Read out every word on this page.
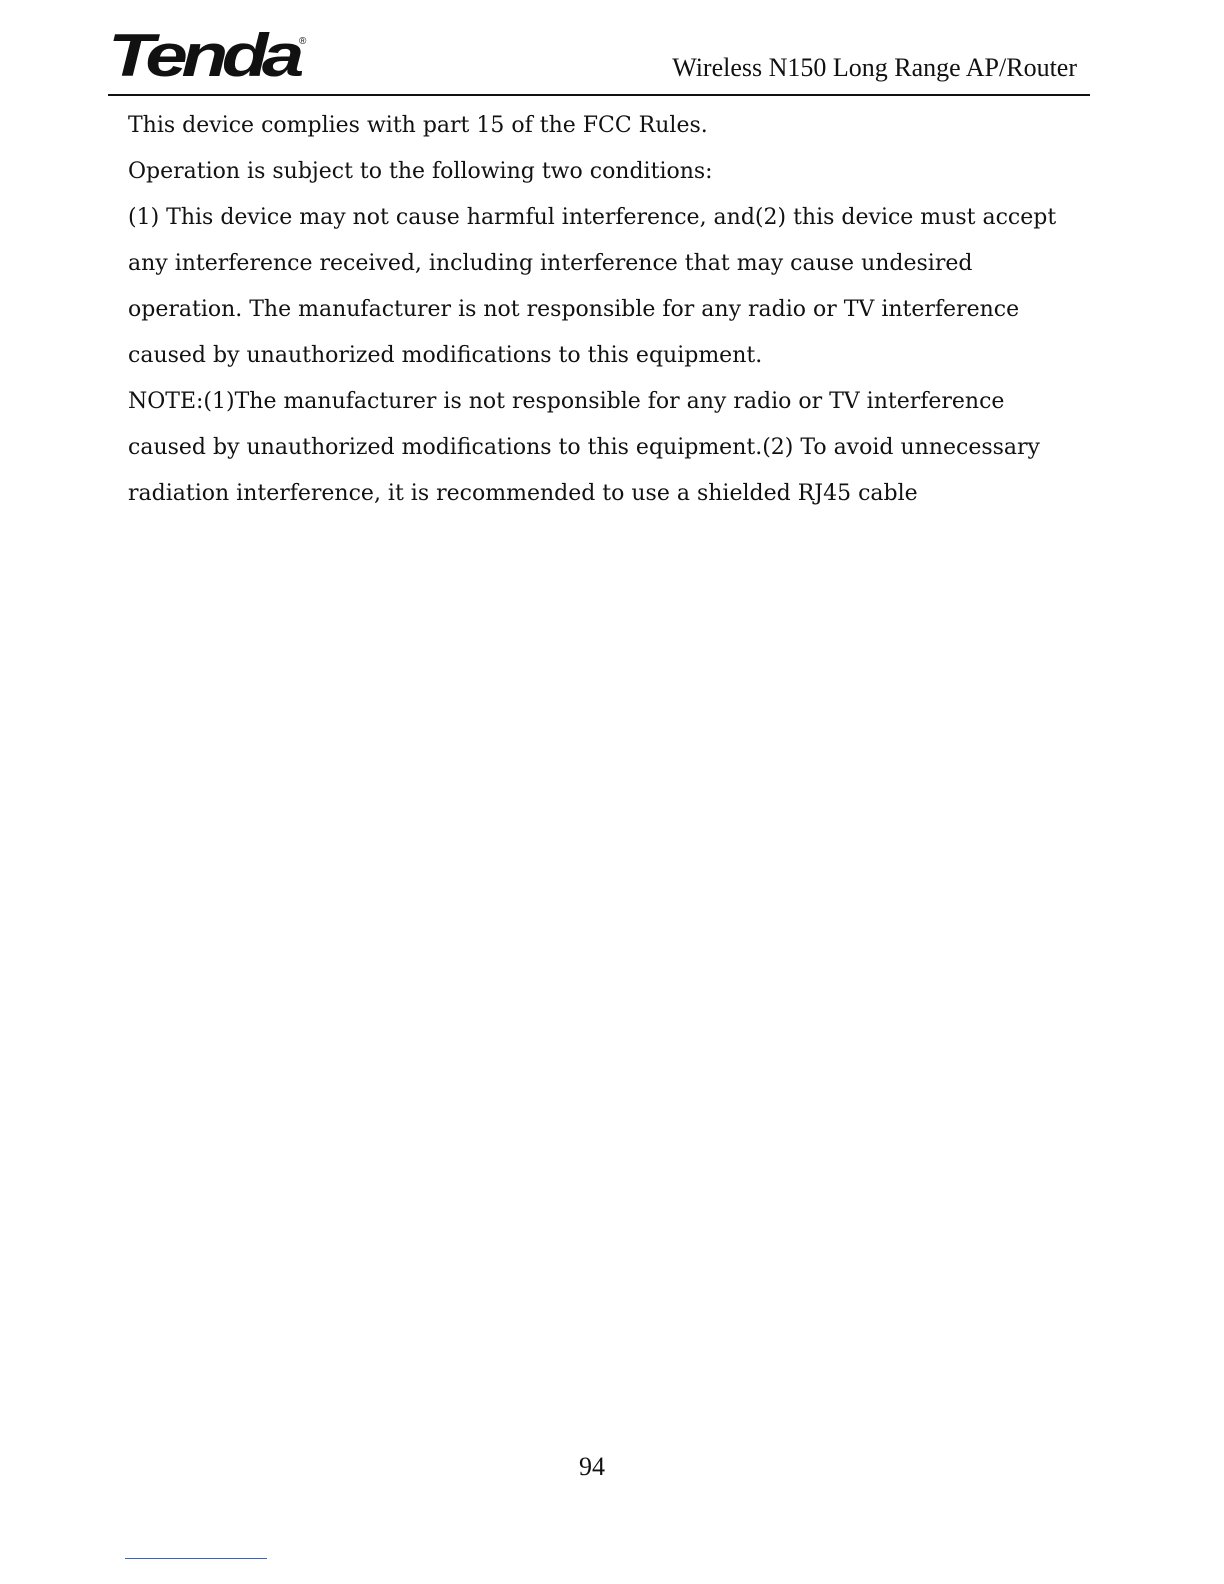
Tenda
®
Wireless N150 Long Range AP/Router
This device complies with part 15 of the FCC Rules.
Operation is subject to the following two conditions:
(1) This device may not cause harmful interference, and(2) this device must accept
any interference received, including interference that may cause undesired
operation. The manufacturer is not responsible for any radio or TV interference
caused by unauthorized modifications to this equipment.
NOTE:(1)The manufacturer is not responsible for any radio or TV interference
caused by unauthorized modifications to this equipment.(2) To avoid unnecessary
radiation interference, it is recommended to use a shielded RJ45 cable
94
